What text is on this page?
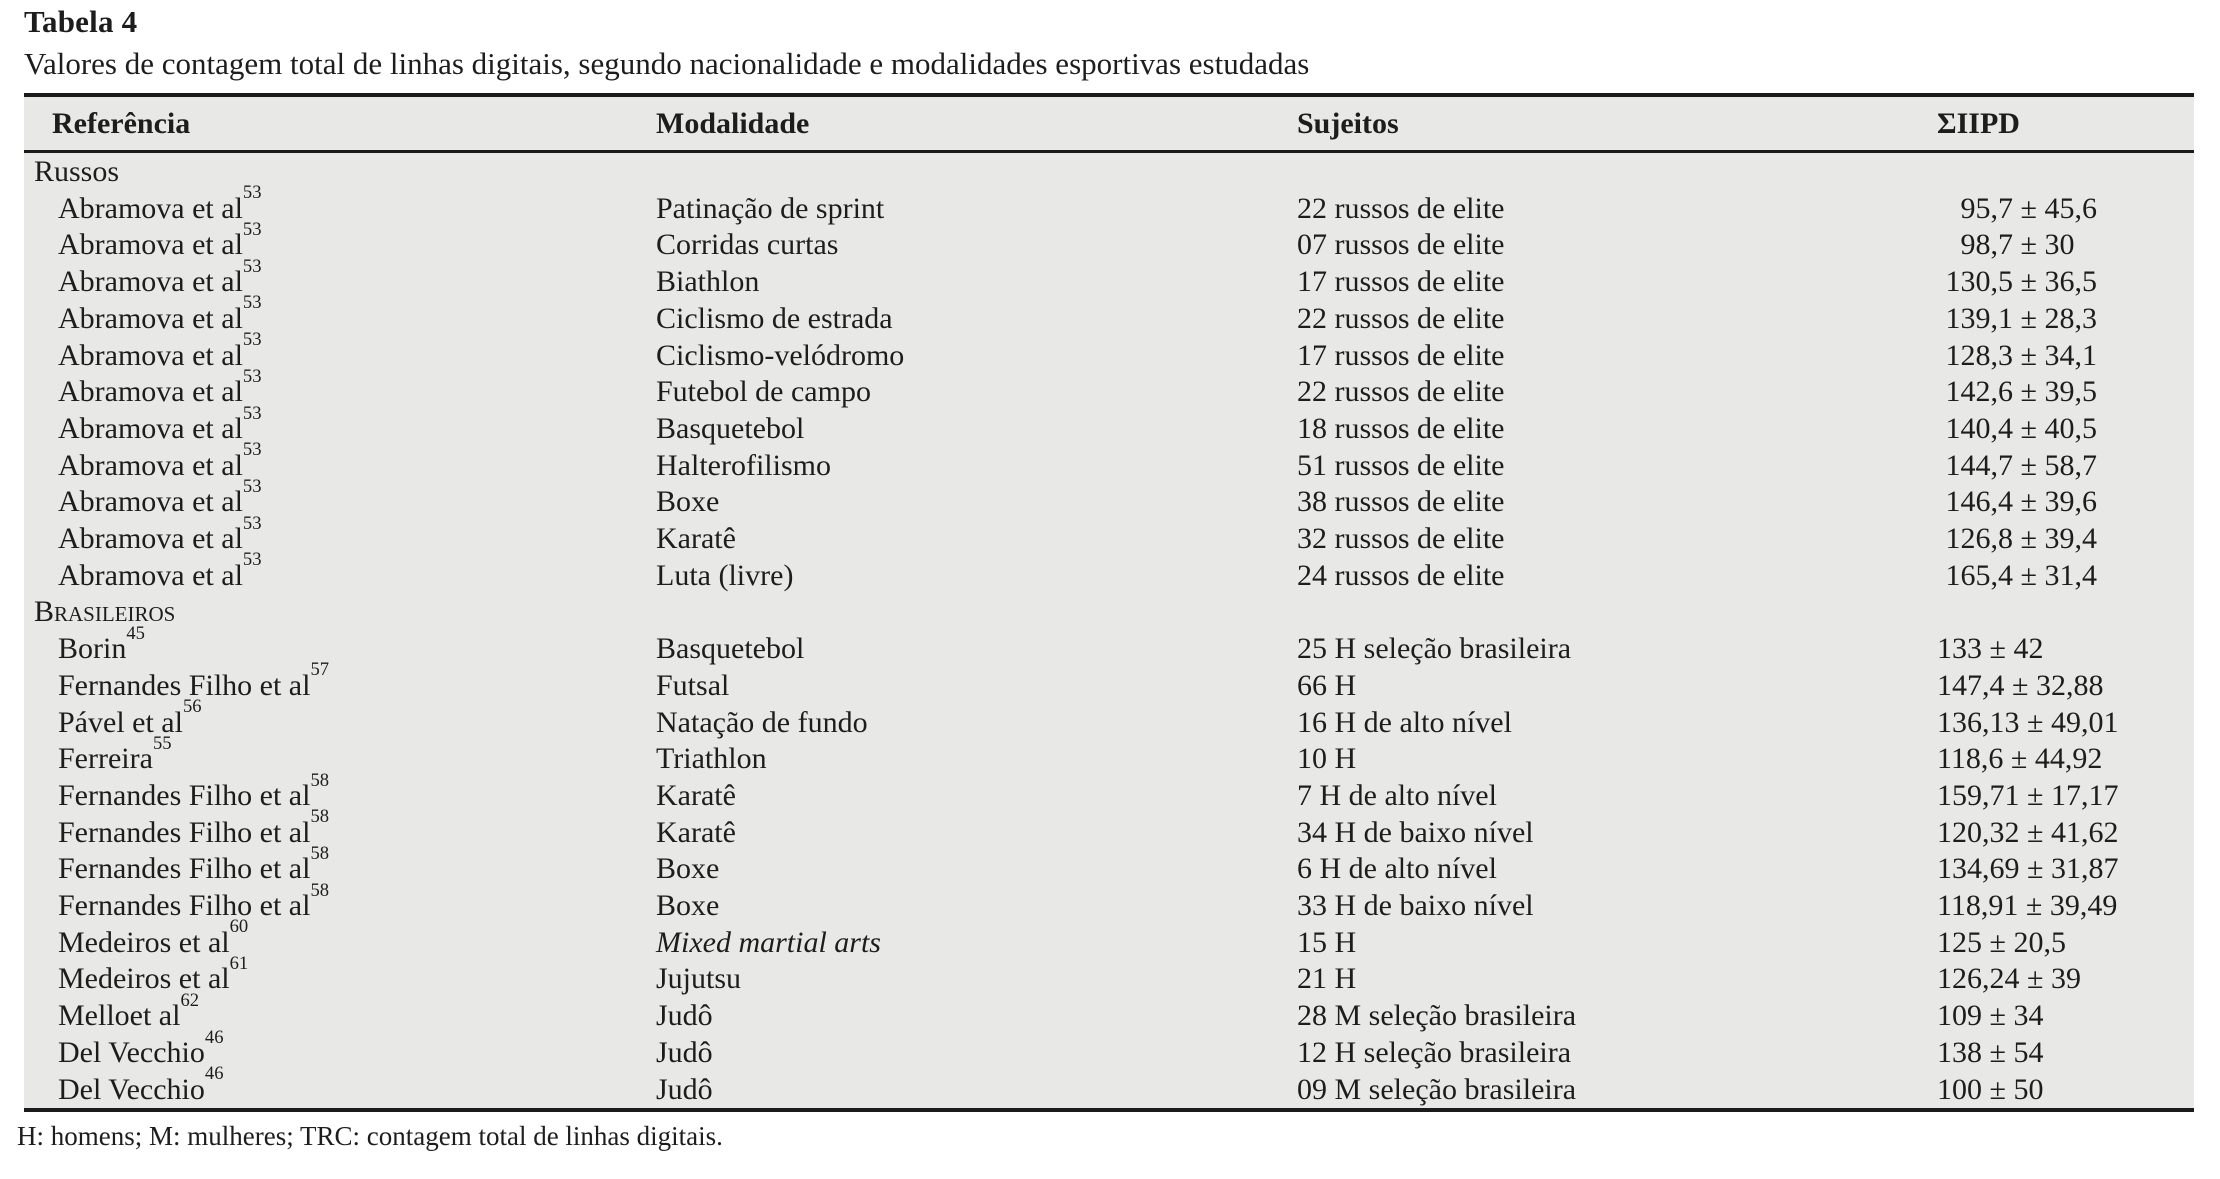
Tabela 4
Valores de contagem total de linhas digitais, segundo nacionalidade e modalidades esportivas estudadas
Referência	Modalidade	Sujeitos	ΣIIPD
Russos
Abramova et $al^{53}$	Patinação de sprint	22 russos de elite	95,7 ± 45,6
Abramova et $al^{53}$	Corridas curtas	07 russos de elite	98,7 ± 30
Abramova et $al^{53}$	Biathlon	17 russos de elite	130,5 ± 36,5
Abramova et $al^{53}$	Ciclismo de estrada	22 russos de elite	139,1 ± 28,3
Abramova et $al^{53}$	Ciclismo-velódromo	17 russos de elite	128,3 ± 34,1
Abramova et $al^{53}$	Futebol de campo	22 russos de elite	142,6 ± 39,5
Abramova et $al^{53}$	Basquetebol	18 russos de elite	140,4 ± 40,5
Abramova et $al^{53}$	Halterofilismo	51 russos de elite	144,7 ± 58,7
Abramova et $al^{53}$	Boxe	38 russos de elite	146,4 ± 39,6
Abramova et $al^{53}$	Karatê	32 russos de elite	126,8 ± 39,4
Abramova et $al^{53}$	Luta (livre)	24 russos de elite	165,4 ± 31,4
Brasileiros
Borin$^{45}$	Basquetebol	25 H seleção brasileira	133 ± 42
Fernandes Filho et $al^{57}$	Futsal	66 H	147,4 ± 32,88
Pável et $al^{56}$	Natação de fundo	16 H de alto nível	136,13 ± 49,01
Ferreira$^{55}$	Triathlon	10 H	118,6 ± 44,92
Fernandes Filho et $al^{58}$	Karatê	7 H de alto nível	159,71 ± 17,17
Fernandes Filho et $al^{58}$	Karatê	34 H de baixo nível	120,32 ± 41,62
Fernandes Filho et $al^{58}$	Boxe	6 H de alto nível	134,69 ± 31,87
Fernandes Filho et $al^{58}$	Boxe	33 H de baixo nível	118,91 ± 39,49
Medeiros et $al^{60}$	Mixed martial arts	15 H	125 ± 20,5
Medeiros et $al^{61}$	Jujutsu	21 H	126,24 ± 39
Melloet $al^{62}$	Judô	28 M seleção brasileira	109 ± 34
Del Vecchio$^{46}$	Judô	12 H seleção brasileira	138 ± 54
Del Vecchio$^{46}$	Judô	09 M seleção brasileira	100 ± 50
H: homens; M: mulheres; TRC: contagem total de linhas digitais.
